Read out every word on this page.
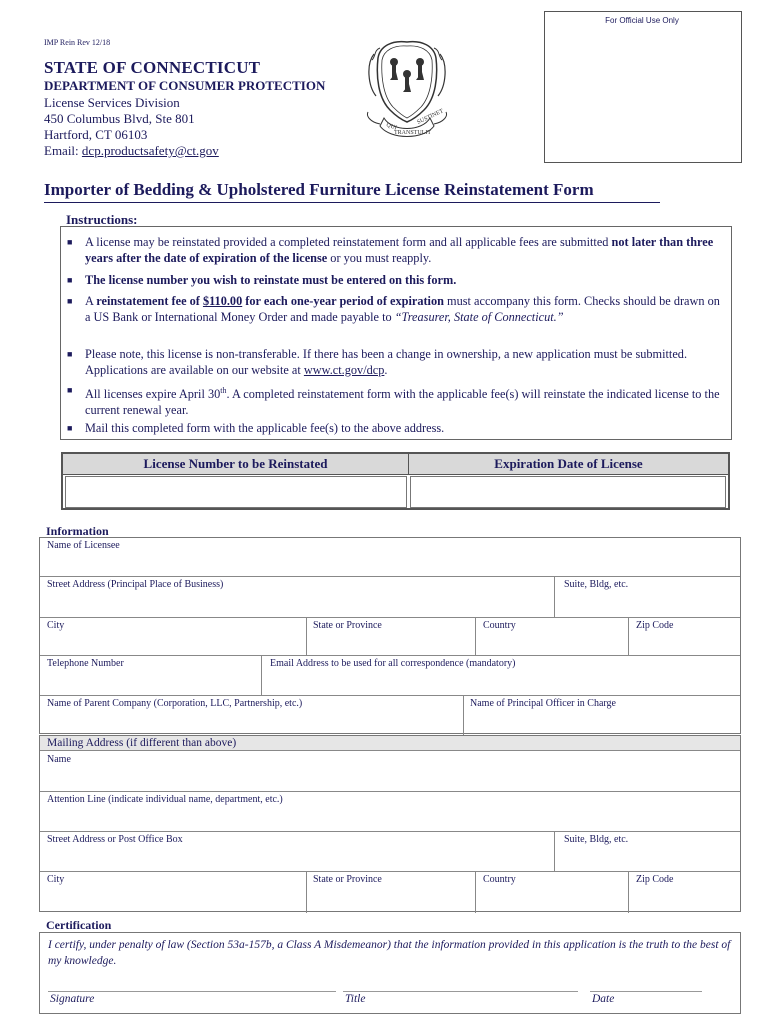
For Official Use Only
IMP Rein Rev 12/18
STATE OF CONNECTICUT
DEPARTMENT OF CONSUMER PROTECTION
License Services Division
450 Columbus Blvd, Ste 801
Hartford, CT 06103
Email: dcp.productsafety@ct.gov
QUI
TRANSTULIT
SUSTINET
Importer of Bedding & Upholstered Furniture License Reinstatement Form
Instructions:
■ A license may be reinstated provided a completed reinstatement form and all applicable fees are submitted not later than three years after the date of expiration of the license or you must reapply.
■ The license number you wish to reinstate must be entered on this form.
■ A reinstatement fee of $110.00 for each one-year period of expiration must accompany this form. Checks should be drawn on a US Bank or International Money Order and made payable to “Treasurer, State of Connecticut.”
■ Please note, this license is non-transferable. If there has been a change in ownership, a new application must be submitted. Applications are available on our website at www.ct.gov/dcp.
■ All licenses expire April 30th. A completed reinstatement form with the applicable fee(s) will reinstate the indicated license to the current renewal year.
■ Mail this completed form with the applicable fee(s) to the above address.
License Number to be Reinstated	Expiration Date of License
Information
Name of Licensee
Street Address (Principal Place of Business)	Suite, Bldg, etc.
City	State or Province	Country	Zip Code
Telephone Number	Email Address to be used for all correspondence (mandatory)
Name of Parent Company (Corporation, LLC, Partnership, etc.)	Name of Principal Officer in Charge
Mailing Address (if different than above)
Name
Attention Line (indicate individual name, department, etc.)
Street Address or Post Office Box	Suite, Bldg, etc.
City	State or Province	Country	Zip Code
Certification
I certify, under penalty of law (Section 53a-157b, a Class A Misdemeanor) that the information provided in this application is the truth to the best of my knowledge.
Signature	Title	Date
